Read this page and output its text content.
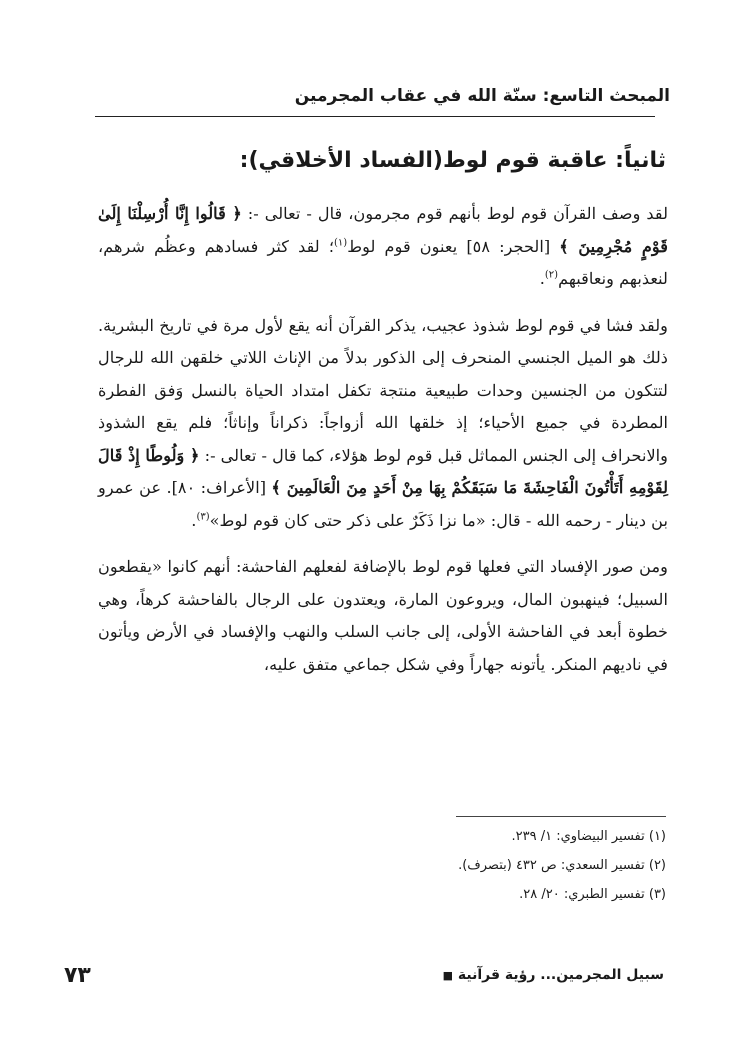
المبحث التاسع: سنّة الله في عقاب المجرمين
ثانياً: عاقبة قوم لوط(الفساد الأخلاقي):

لقد وصف القرآن قوم لوط بأنهم قوم مجرمون، قال - تعالى -: ﴿ قَالُوا إِنَّا أُرْسِلْنَا إِلَىٰ قَوْمٍ مُجْرِمِينَ ﴾ [الحجر: ٥٨] يعنون قوم لوط$^{(١)}$؛ لقد كثر فسادهم وعظُم شرهم، لنعذبهم ونعاقبهم$^{(٢)}$.

ولقد فشا في قوم لوط شذوذ عجيب، يذكر القرآن أنه يقع لأول مرة في تاريخ البشرية. ذلك هو الميل الجنسي المنحرف إلى الذكور بدلاً من الإناث اللاتي خلقهن الله للرجال لتتكون من الجنسين وحدات طبيعية منتجة تكفل امتداد الحياة بالنسل وَفق الفطرة المطردة في جميع الأحياء؛ إذ خلقها الله أزواجاً: ذكراناً وإناثاً؛ فلم يقع الشذوذ والانحراف إلى الجنس المماثل قبل قوم لوط هؤلاء، كما قال - تعالى -: ﴿ وَلُوطًا إِذْ قَالَ لِقَوْمِهِ أَتَأْتُونَ الْفَاحِشَةَ مَا سَبَقَكُمْ بِهَا مِنْ أَحَدٍ مِنَ الْعَالَمِينَ ﴾ [الأعراف: ٨٠]. عن عمرو بن دينار - رحمه الله - قال: «ما نزا ذَكَرٌ على ذكر حتى كان قوم لوط»$^{(٣)}$.

ومن صور الإفساد التي فعلها قوم لوط بالإضافة لفعلهم الفاحشة: أنهم كانوا «يقطعون السبيل؛ فينهبون المال، ويروعون المارة، ويعتدون على الرجال بالفاحشة كرهاً، وهي خطوة أبعد في الفاحشة الأولى، إلى جانب السلب والنهب والإفساد في الأرض ويأتون في ناديهم المنكر. يأتونه جهاراً وفي شكل جماعي متفق عليه،

(١) تفسير البيضاوي: ١/ ٢٣٩.
(٢) تفسير السعدي: ص ٤٣٢ (بتصرف).
(٣) تفسير الطبري: ٢٠/ ٢٨.
سبيل المجرمين... رؤية قرآنية ■
٧٣
